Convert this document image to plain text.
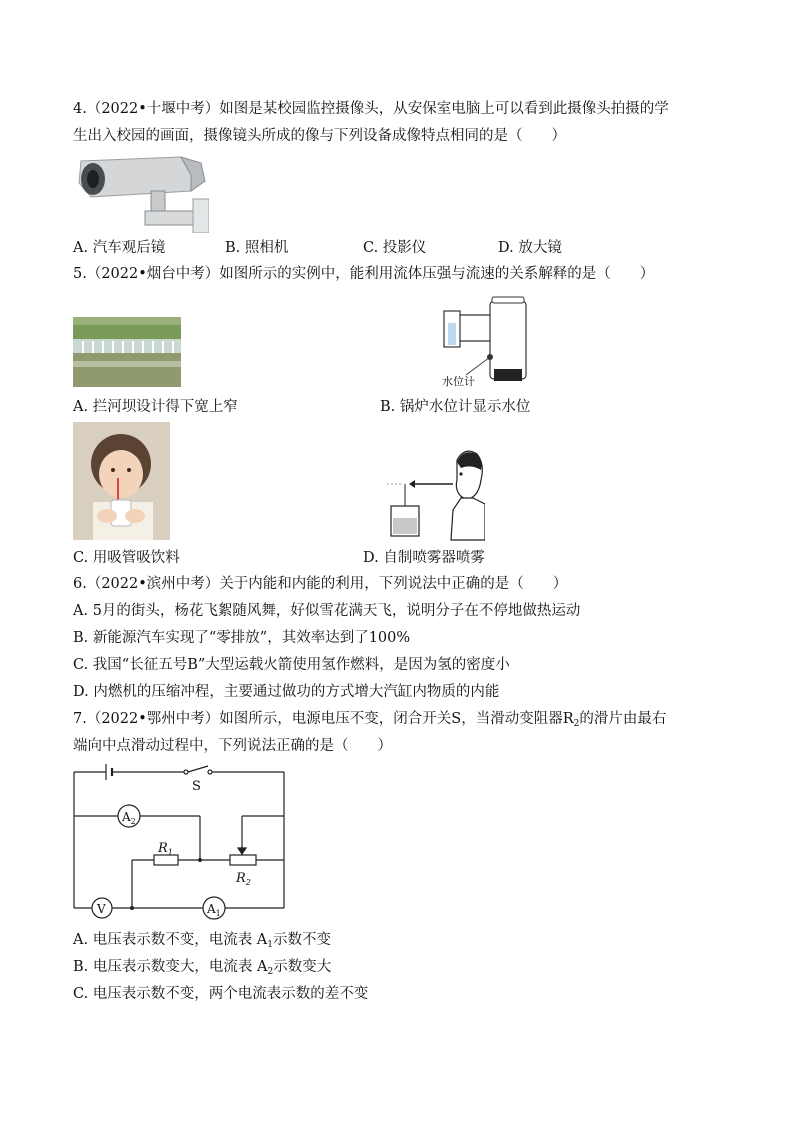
4.（2022•十堰中考）如图是某校园监控摄像头，从安保室电脑上可以看到此摄像头拍摄的学
生出入校园的画面，摄像镜头所成的像与下列设备成像特点相同的是（　　）
A. 汽车观后镜	B. 照相机	C. 投影仪	D. 放大镜
5.（2022•烟台中考）如图所示的实例中，能利用流体压强与流速的关系解释的是（　　）
水位计
A. 拦河坝设计得下宽上窄	B. 锅炉水位计显示水位
C. 用吸管吸饮料	D. 自制喷雾器喷雾
6.（2022•滨州中考）关于内能和内能的利用，下列说法中正确的是（　　）
A. 5月的街头，杨花飞絮随风舞，好似雪花满天飞，说明分子在不停地做热运动
B. 新能源汽车实现了“零排放”，其效率达到了100%
C. 我国“长征五号B”大型运载火箭使用氢作燃料，是因为氢的密度小
D. 内燃机的压缩冲程，主要通过做功的方式增大汽缸内物质的内能
7.（2022•鄂州中考）如图所示，电源电压不变，闭合开关S，当滑动变阻器$R_2$的滑片由最右
端向中点滑动过程中，下列说法正确的是（　　）
S
$A_2$
$R_1$
$R_2$
V	$A_1$
A. 电压表示数不变，电流表 $A_1$示数不变
B. 电压表示数变大，电流表 $A_2$示数变大
C. 电压表示数不变，两个电流表示数的差不变
